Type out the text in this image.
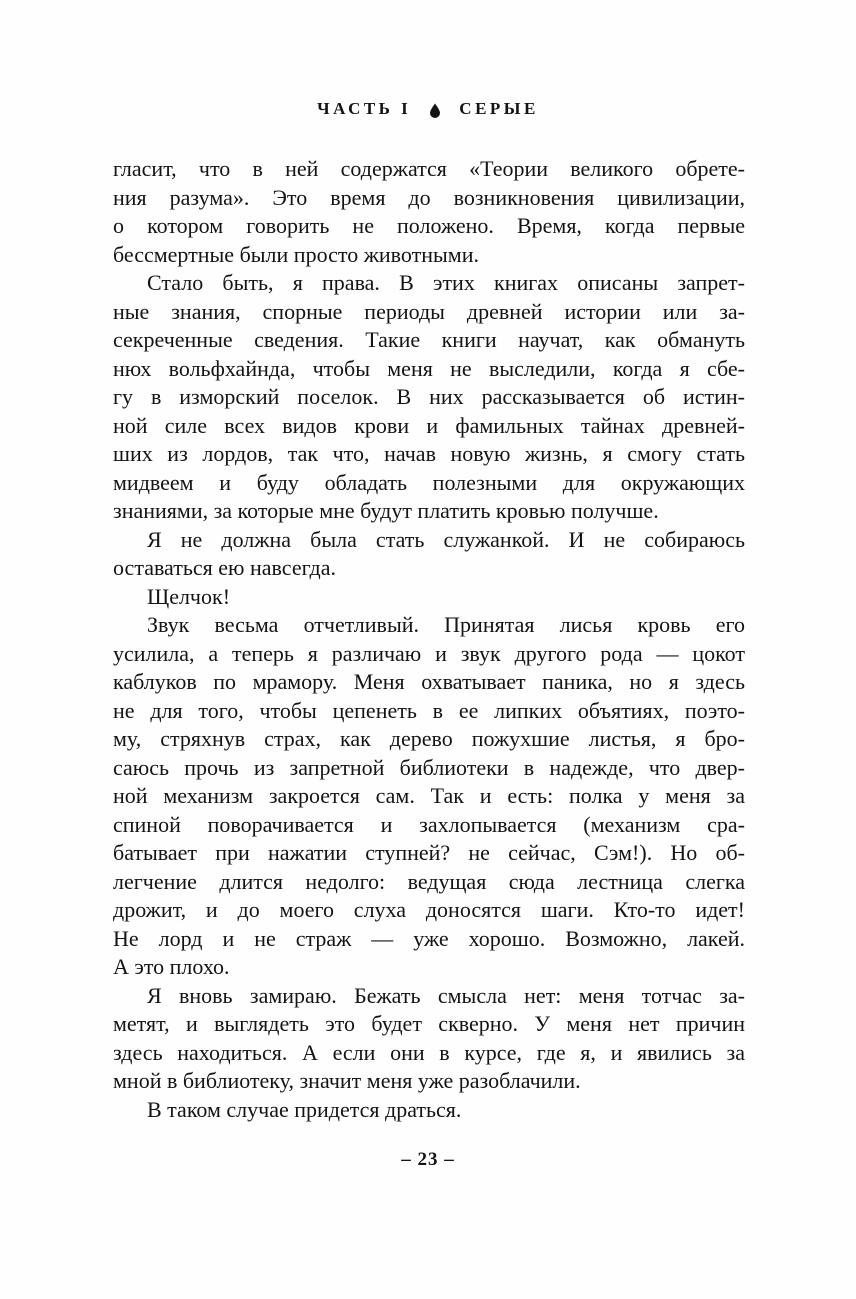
ЧАСТЬ I	СЕРЫЕ
гласит, что в ней содержатся «Теории великого обрете-
ния разума». Это время до возникновения цивилизации,
о котором говорить не положено. Время, когда первые
бессмертные были просто животными.
Стало быть, я права. В этих книгах описаны запрет-
ные знания, спорные периоды древней истории или за-
секреченные сведения. Такие книги научат, как обмануть
нюх вольфхайнда, чтобы меня не выследили, когда я сбе-
гу в изморский поселок. В них рассказывается об истин-
ной силе всех видов крови и фамильных тайнах древней-
ших из лордов, так что, начав новую жизнь, я смогу стать
мидвеем и буду обладать полезными для окружающих
знаниями, за которые мне будут платить кровью получше.
Я не должна была стать служанкой. И не собираюсь
оставаться ею навсегда.
Щелчок!
Звук весьма отчетливый. Принятая лисья кровь его
усилила, а теперь я различаю и звук другого рода — цокот
каблуков по мрамору. Меня охватывает паника, но я здесь
не для того, чтобы цепенеть в ее липких объятиях, поэто-
му, стряхнув страх, как дерево пожухшие листья, я бро-
саюсь прочь из запретной библиотеки в надежде, что двер-
ной механизм закроется сам. Так и есть: полка у меня за
спиной поворачивается и захлопывается (механизм сра-
батывает при нажатии ступней? не сейчас, Сэм!). Но об-
легчение длится недолго: ведущая сюда лестница слегка
дрожит, и до моего слуха доносятся шаги. Кто-то идет!
Не лорд и не страж — уже хорошо. Возможно, лакей.
А это плохо.
Я вновь замираю. Бежать смысла нет: меня тотчас за-
метят, и выглядеть это будет скверно. У меня нет причин
здесь находиться. А если они в курсе, где я, и явились за
мной в библиотеку, значит меня уже разоблачили.
В таком случае придется драться.
– 23 –
